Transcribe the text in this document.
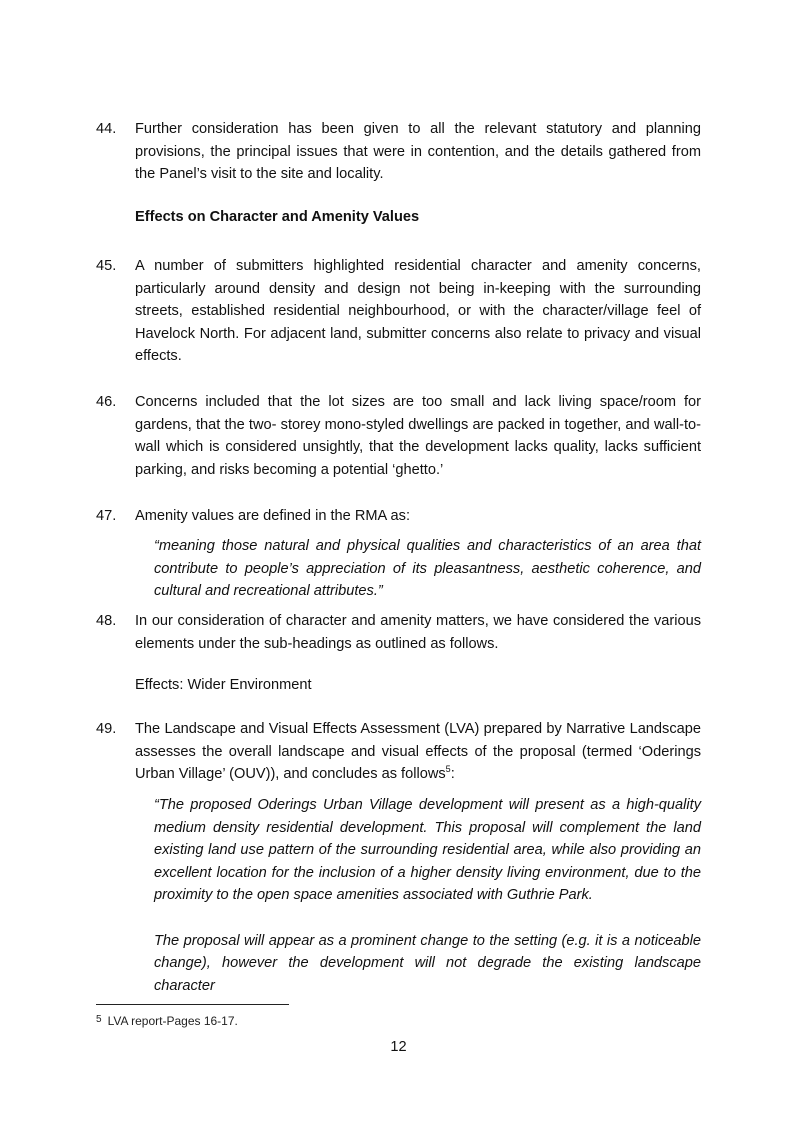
44. Further consideration has been given to all the relevant statutory and planning provisions, the principal issues that were in contention, and the details gathered from the Panel’s visit to the site and locality.
Effects on Character and Amenity Values
45. A number of submitters highlighted residential character and amenity concerns, particularly around density and design not being in-keeping with the surrounding streets, established residential neighbourhood, or with the character/village feel of Havelock North. For adjacent land, submitter concerns also relate to privacy and visual effects.
46. Concerns included that the lot sizes are too small and lack living space/room for gardens, that the two- storey mono-styled dwellings are packed in together, and wall-to-wall which is considered unsightly, that the development lacks quality, lacks sufficient parking, and risks becoming a potential ‘ghetto.’
47. Amenity values are defined in the RMA as:

“meaning those natural and physical qualities and characteristics of an area that contribute to people’s appreciation of its pleasantness, aesthetic coherence, and cultural and recreational attributes.”

48. In our consideration of character and amenity matters, we have considered the various elements under the sub-headings as outlined as follows.
Effects: Wider Environment
49. The Landscape and Visual Effects Assessment (LVA) prepared by Narrative Landscape assesses the overall landscape and visual effects of the proposal (termed ‘Oderings Urban Village’ (OUV)), and concludes as follows$^5$:

“The proposed Oderings Urban Village development will present as a high-quality medium density residential development. This proposal will complement the land existing land use pattern of the surrounding residential area, while also providing an excellent location for the inclusion of a higher density living environment, due to the proximity to the open space amenities associated with Guthrie Park.

The proposal will appear as a prominent change to the setting (e.g. it is a noticeable change), however the development will not degrade the existing landscape character

$^5$ LVA report-Pages 16-17.
12
